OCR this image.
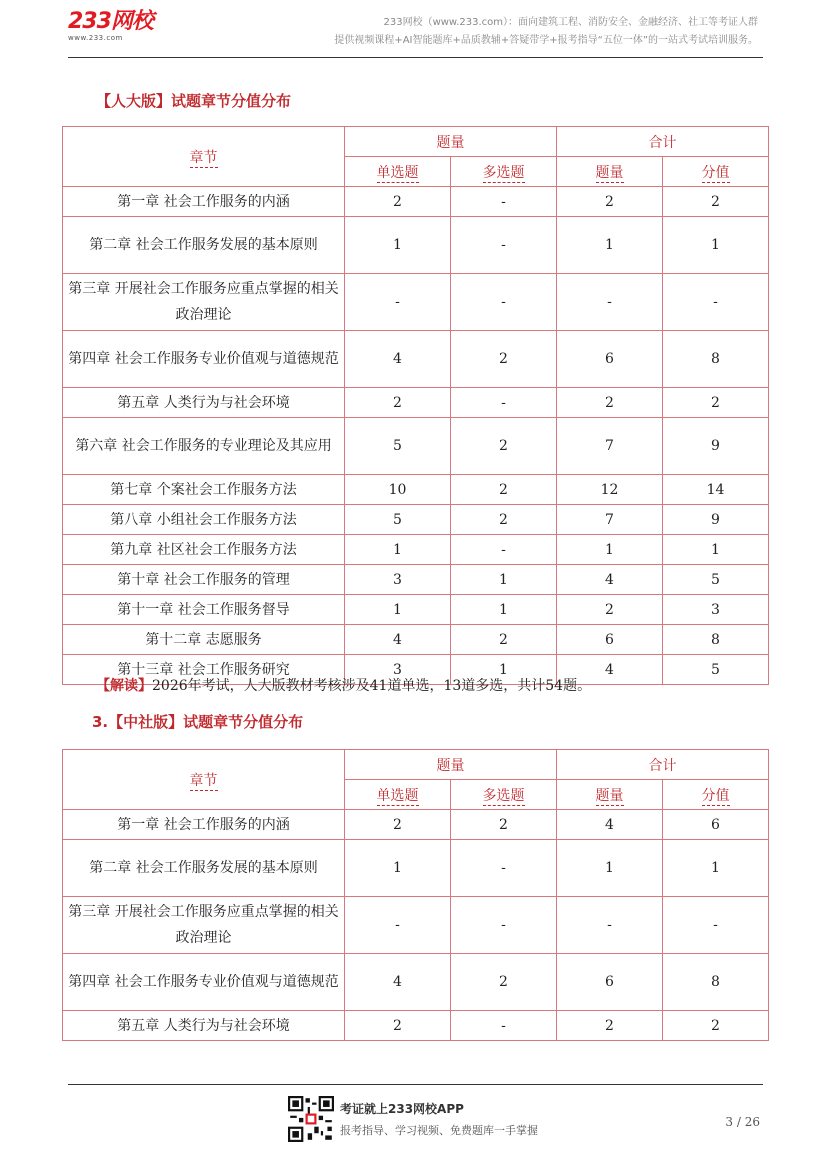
233网校
www.233.com
233网校（www.233.com）：面向建筑工程、消防安全、金融经济、社工等考证人群
提供视频课程+AI智能题库+品质教辅+答疑带学+报考指导“五位一体”的一站式考试培训服务。
【人大版】试题章节分值分布
章节	题量		合计	
	单选题	多选题	题量	分值
第一章 社会工作服务的内涵	2	-	2	2
第二章 社会工作服务发展的基本原则	1	-	1	1
第三章 开展社会工作服务应重点掌握的相关政治理论	-	-	-	-
第四章 社会工作服务专业价值观与道德规范	4	2	6	8
第五章 人类行为与社会环境	2	-	2	2
第六章 社会工作服务的专业理论及其应用	5	2	7	9
第七章 个案社会工作服务方法	10	2	12	14
第八章 小组社会工作服务方法	5	2	7	9
第九章 社区社会工作服务方法	1	-	1	1
第十章 社会工作服务的管理	3	1	4	5
第十一章 社会工作服务督导	1	1	2	3
第十二章 志愿服务	4	2	6	8
第十三章 社会工作服务研究	3	1	4	5
【解读】2026年考试，人大版教材考核涉及41道单选，13道多选，共计54题。
3.【中社版】试题章节分值分布
章节	题量		合计	
	单选题	多选题	题量	分值
第一章 社会工作服务的内涵	2	2	4	6
第二章 社会工作服务发展的基本原则	1	-	1	1
第三章 开展社会工作服务应重点掌握的相关政治理论	-	-	-	-
第四章 社会工作服务专业价值观与道德规范	4	2	6	8
第五章 人类行为与社会环境	2	-	2	2
考证就上233网校APP
报考指导、学习视频、免费题库一手掌握
3 / 26
